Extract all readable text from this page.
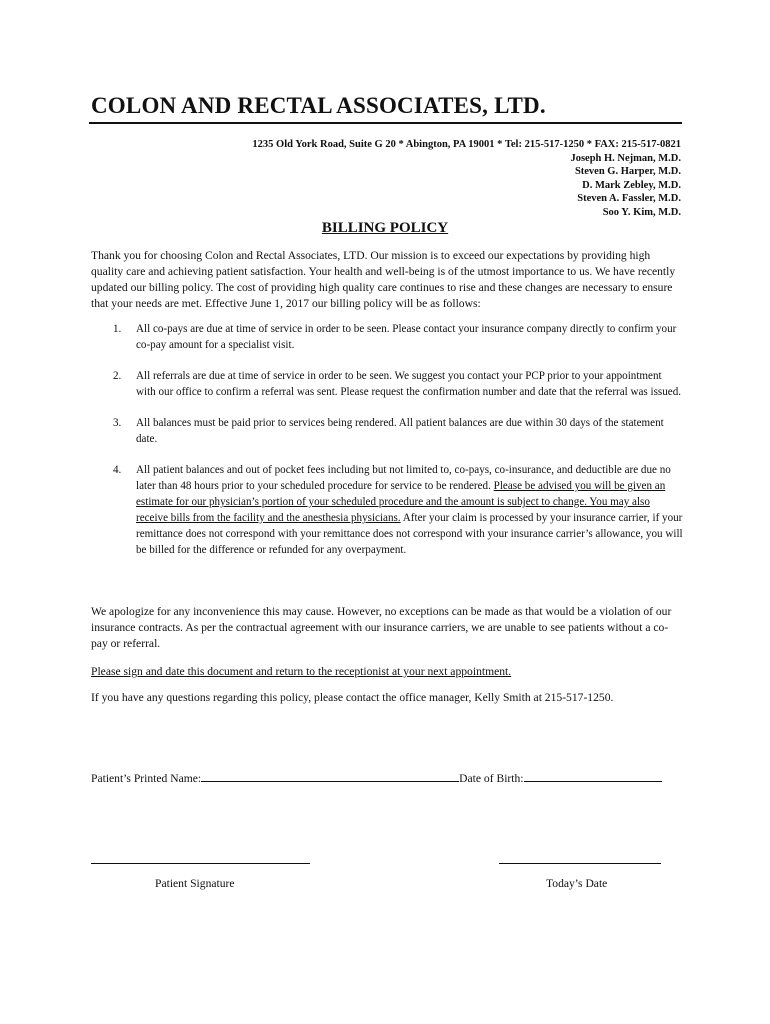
COLON AND RECTAL ASSOCIATES, LTD.
1235 Old York Road, Suite G 20 * Abington, PA 19001 * Tel: 215-517-1250 * FAX: 215-517-0821
Joseph H. Nejman, M.D.
Steven G. Harper, M.D.
D. Mark Zebley, M.D.
Steven A. Fassler, M.D.
Soo Y. Kim, M.D.
BILLING POLICY

Thank you for choosing Colon and Rectal Associates, LTD. Our mission is to exceed our expectations by providing high quality care and achieving patient satisfaction. Your health and well-being is of the utmost importance to us. We have recently updated our billing policy. The cost of providing high quality care continues to rise and these changes are necessary to ensure that your needs are met. Effective June 1, 2017 our billing policy will be as follows:

1. All co-pays are due at time of service in order to be seen. Please contact your insurance company directly to confirm your co-pay amount for a specialist visit.
2. All referrals are due at time of service in order to be seen. We suggest you contact your PCP prior to your appointment with our office to confirm a referral was sent. Please request the confirmation number and date that the referral was issued.
3. All balances must be paid prior to services being rendered. All patient balances are due within 30 days of the statement date.
4. All patient balances and out of pocket fees including but not limited to, co-pays, co-insurance, and deductible are due no later than 48 hours prior to your scheduled procedure for service to be rendered. Please be advised you will be given an estimate for our physician’s portion of your scheduled procedure and the amount is subject to change. You may also receive bills from the facility and the anesthesia physicians. After your claim is processed by your insurance carrier, if your remittance does not correspond with your remittance does not correspond with your insurance carrier’s allowance, you will be billed for the difference or refunded for any overpayment.

We apologize for any inconvenience this may cause. However, no exceptions can be made as that would be a violation of our insurance contracts. As per the contractual agreement with our insurance carriers, we are unable to see patients without a co-pay or referral.

Please sign and date this document and return to the receptionist at your next appointment.

If you have any questions regarding this policy, please contact the office manager, Kelly Smith at 215-517-1250.

Patient’s Printed Name:	Date of Birth:
Patient Signature	Today’s Date
